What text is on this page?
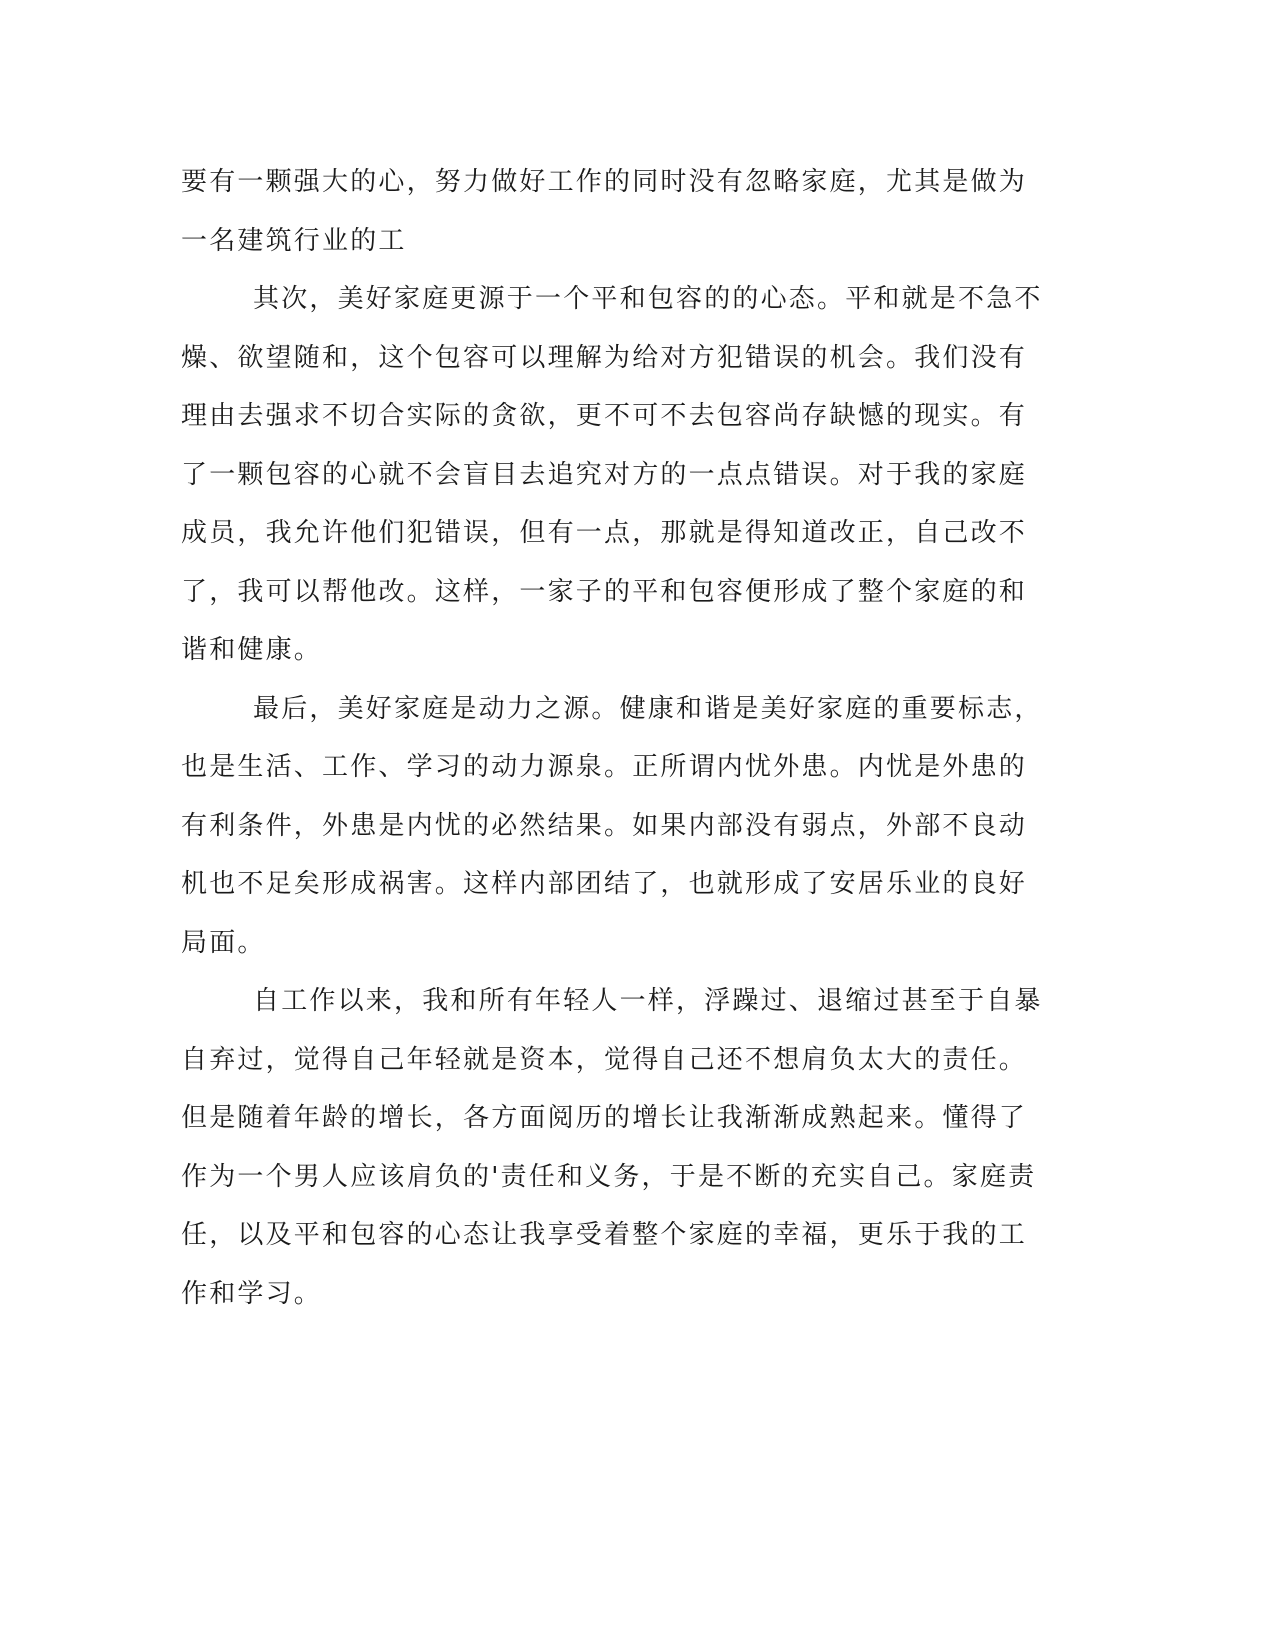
要有一颗强大的心，努力做好工作的同时没有忽略家庭，尤其是做为
一名建筑行业的工
其次，美好家庭更源于一个平和包容的的心态。平和就是不急不
燥、欲望随和，这个包容可以理解为给对方犯错误的机会。我们没有
理由去强求不切合实际的贪欲，更不可不去包容尚存缺憾的现实。有
了一颗包容的心就不会盲目去追究对方的一点点错误。对于我的家庭
成员，我允许他们犯错误，但有一点，那就是得知道改正，自己改不
了，我可以帮他改。这样，一家子的平和包容便形成了整个家庭的和
谐和健康。
最后，美好家庭是动力之源。健康和谐是美好家庭的重要标志，
也是生活、工作、学习的动力源泉。正所谓内忧外患。内忧是外患的
有利条件，外患是内忧的必然结果。如果内部没有弱点，外部不良动
机也不足矣形成祸害。这样内部团结了，也就形成了安居乐业的良好
局面。
自工作以来，我和所有年轻人一样，浮躁过、退缩过甚至于自暴
自弃过，觉得自己年轻就是资本，觉得自己还不想肩负太大的责任。
但是随着年龄的增长，各方面阅历的增长让我渐渐成熟起来。懂得了
作为一个男人应该肩负的'责任和义务，于是不断的充实自己。家庭责
任，以及平和包容的心态让我享受着整个家庭的幸福，更乐于我的工
作和学习。
